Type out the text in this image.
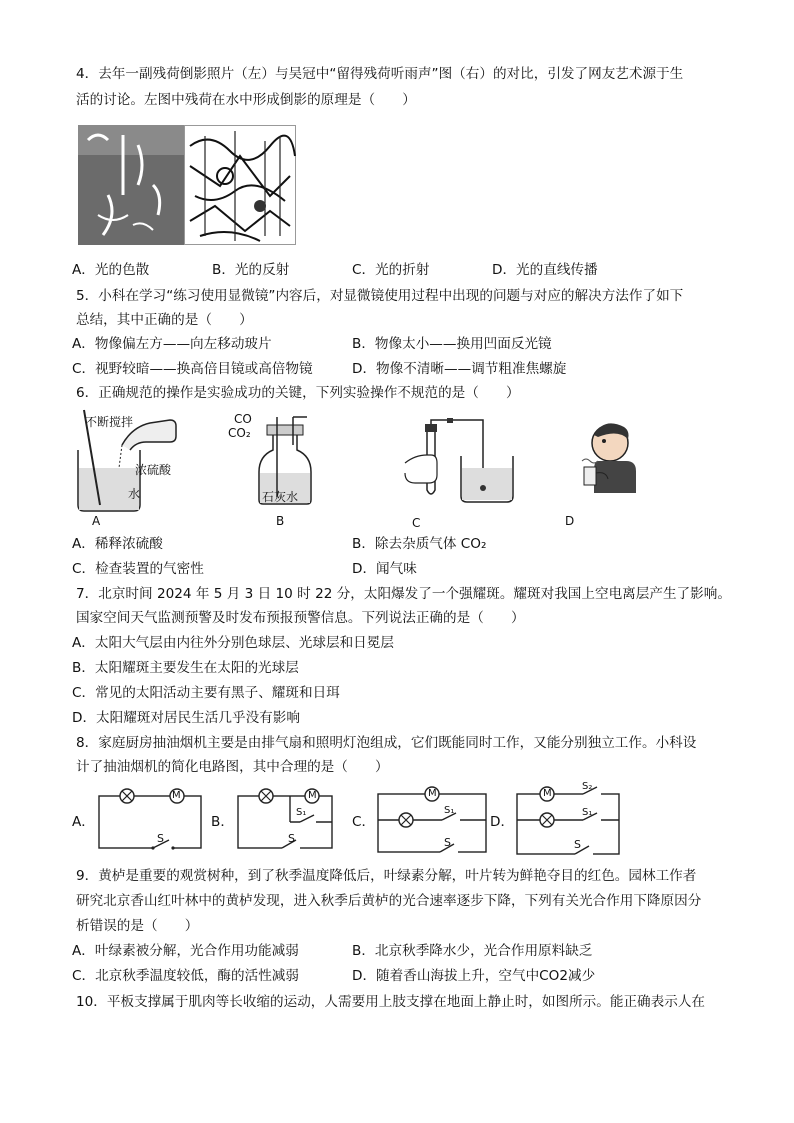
4．去年一副残荷倒影照片（左）与吴冠中“留得残荷听雨声”图（右）的对比，引发了网友艺术源于生
活的讨论。左图中残荷在水中形成倒影的原理是（　　）
A．光的色散	B．光的反射	C．光的折射	D．光的直线传播
5．小科在学习“练习使用显微镜”内容后，对显微镜使用过程中出现的问题与对应的解决方法作了如下
总结，其中正确的是（　　）
A．物像偏左方——向左移动玻片	B．物像太小——换用凹面反光镜
C．视野较暗——换高倍目镜或高倍物镜	D．物像不清晰——调节粗准焦螺旋
6．正确规范的操作是实验成功的关键，下列实验操作不规范的是（　　）
不断搅拌
浓硫酸
水
A
CO
CO₂
石灰水
B	C	D
A．稀释浓硫酸	B．除去杂质气体 CO₂
C．检查装置的气密性	D．闻气味
7．北京时间 2024 年 5 月 3 日 10 时 22 分，太阳爆发了一个强耀斑。耀斑对我国上空电离层产生了影响。
国家空间天气监测预警及时发布预报预警信息。下列说法正确的是（　　）
A．太阳大气层由内往外分别色球层、光球层和日冕层
B．太阳耀斑主要发生在太阳的光球层
C．常见的太阳活动主要有黑子、耀斑和日珥
D．太阳耀斑对居民生活几乎没有影响
8．家庭厨房抽油烟机主要是由排气扇和照明灯泡组成，它们既能同时工作，又能分别独立工作。小科设
计了抽油烟机的简化电路图，其中合理的是（　　）
A．
M
S
B．
M
S₁
S
C．
M
S₁
S
D．
M
S₂
S₁
S
9．黄栌是重要的观赏树种，到了秋季温度降低后，叶绿素分解，叶片转为鲜艳夺目的红色。园林工作者
研究北京香山红叶林中的黄栌发现，进入秋季后黄栌的光合速率逐步下降，下列有关光合作用下降原因分
析错误的是（　　）
A．叶绿素被分解，光合作用功能减弱	B．北京秋季降水少，光合作用原料缺乏
C．北京秋季温度较低，酶的活性减弱	D．随着香山海拔上升，空气中CO2减少
10．平板支撑属于肌肉等长收缩的运动，人需要用上肢支撑在地面上静止时，如图所示。能正确表示人在
